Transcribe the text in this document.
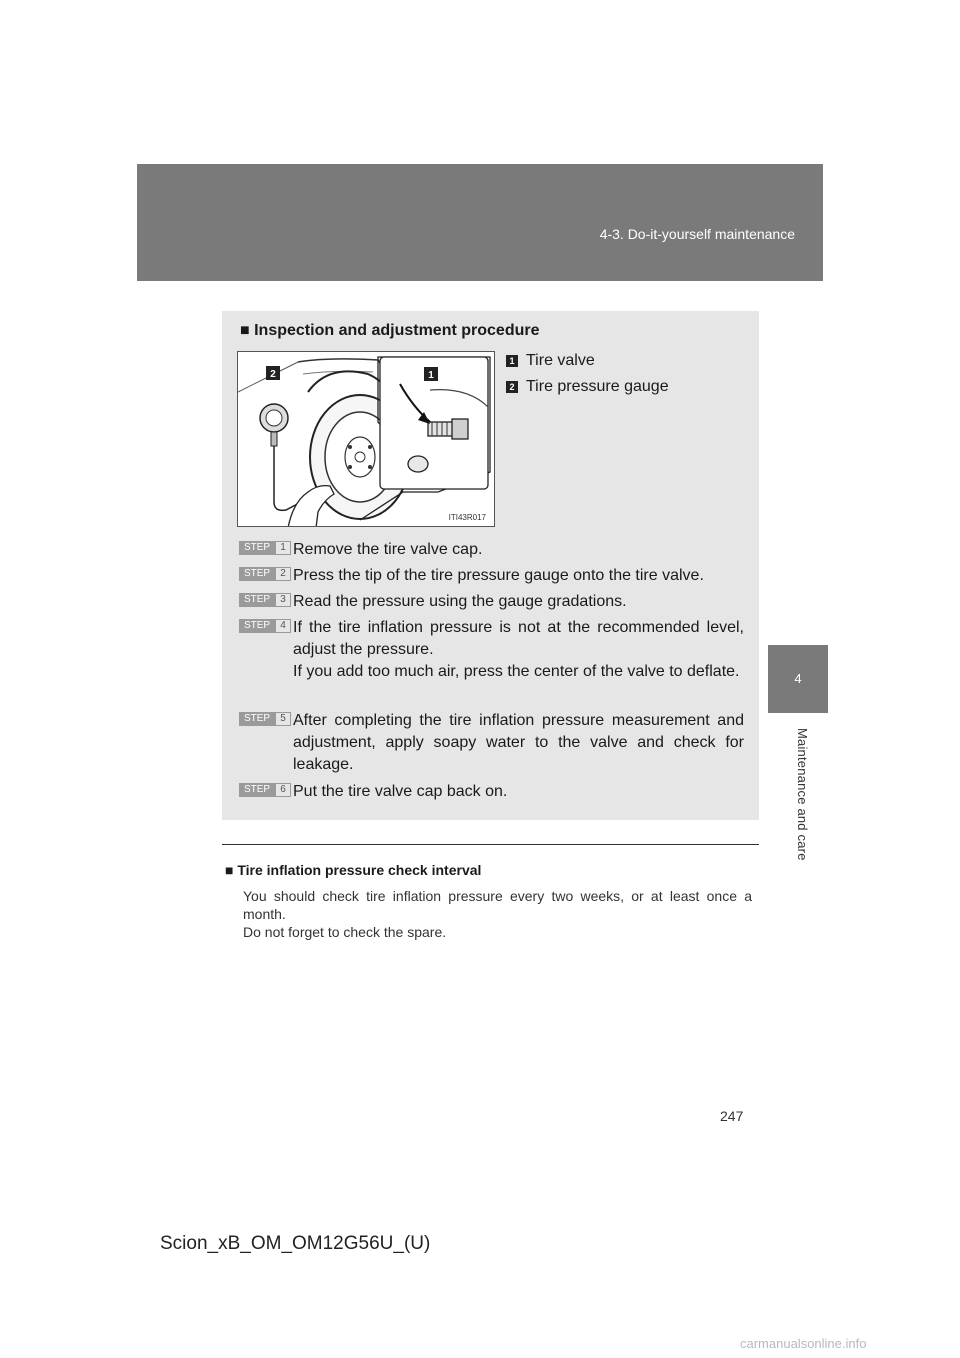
4-3. Do-it-yourself maintenance
4
Maintenance and care
■ Inspection and adjustment procedure
2	1
ITI43R017
1 Tire valve
2 Tire pressure gauge
STEP	1 Remove the tire valve cap.
STEP	2 Press the tip of the tire pressure gauge onto the tire valve.
STEP	3 Read the pressure using the gauge gradations.
STEP	4 If the tire inflation pressure is not at the recommended level, adjust the pressure.
If you add too much air, press the center of the valve to deflate.
STEP	5 After completing the tire inflation pressure measurement and adjustment, apply soapy water to the valve and check for leakage.
STEP	6 Put the tire valve cap back on.
■ Tire inflation pressure check interval

You should check tire inflation pressure every two weeks, or at least once a month.

Do not forget to check the spare.

247
Scion_xB_OM_OM12G56U_(U)
carmanualsonline.info
